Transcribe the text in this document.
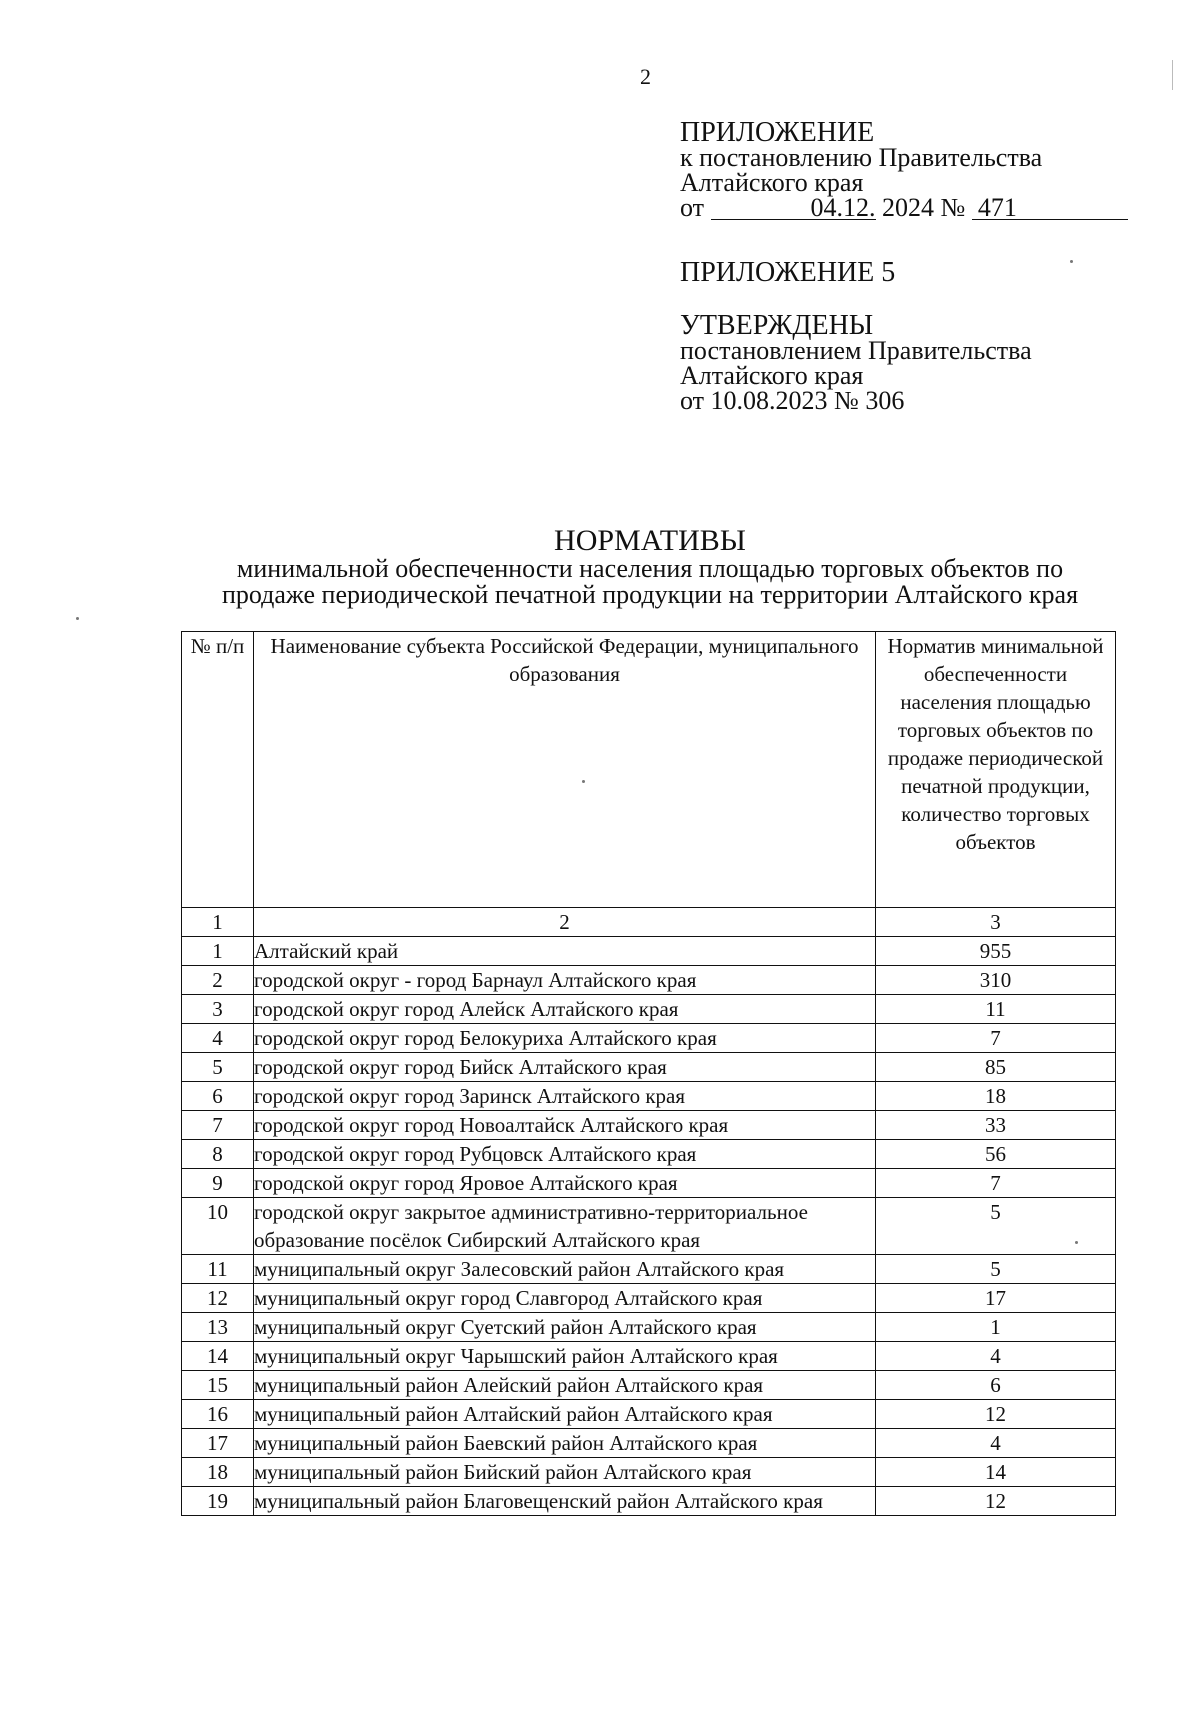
2
ПРИЛОЖЕНИЕ
к постановлению Правительства
Алтайского края
от	04.12. 2024 № 471
ПРИЛОЖЕНИЕ 5
УТВЕРЖДЕНЫ
постановлением Правительства
Алтайского края
от 10.08.2023 № 306
НОРМАТИВЫ
минимальной обеспеченности населения площадью торговых объектов по
продаже периодической печатной продукции на территории Алтайского края
№ п/п	Наименование субъекта Российской Федерации, муниципального образования	Норматив минимальной обеспеченности населения площадью торговых объектов по продаже периодической печатной продукции, количество торговых объектов
1	2	3
1	Алтайский край	955
2	городской округ - город Барнаул Алтайского края	310
3	городской округ город Алейск Алтайского края	11
4	городской округ город Белокуриха Алтайского края	7
5	городской округ город Бийск Алтайского края	85
6	городской округ город Заринск Алтайского края	18
7	городской округ город Новоалтайск Алтайского края	33
8	городской округ город Рубцовск Алтайского края	56
9	городской округ город Яровое Алтайского края	7
10	городской округ закрытое административно-территориальное образование посёлок Сибирский Алтайского края	5
11	муниципальный округ Залесовский район Алтайского края	5
12	муниципальный округ город Славгород Алтайского края	17
13	муниципальный округ Суетский район Алтайского края	1
14	муниципальный округ Чарышский район Алтайского края	4
15	муниципальный район Алейский район Алтайского края	6
16	муниципальный район Алтайский район Алтайского края	12
17	муниципальный район Баевский район Алтайского края	4
18	муниципальный район Бийский район Алтайского края	14
19	муниципальный район Благовещенский район Алтайского края	12
